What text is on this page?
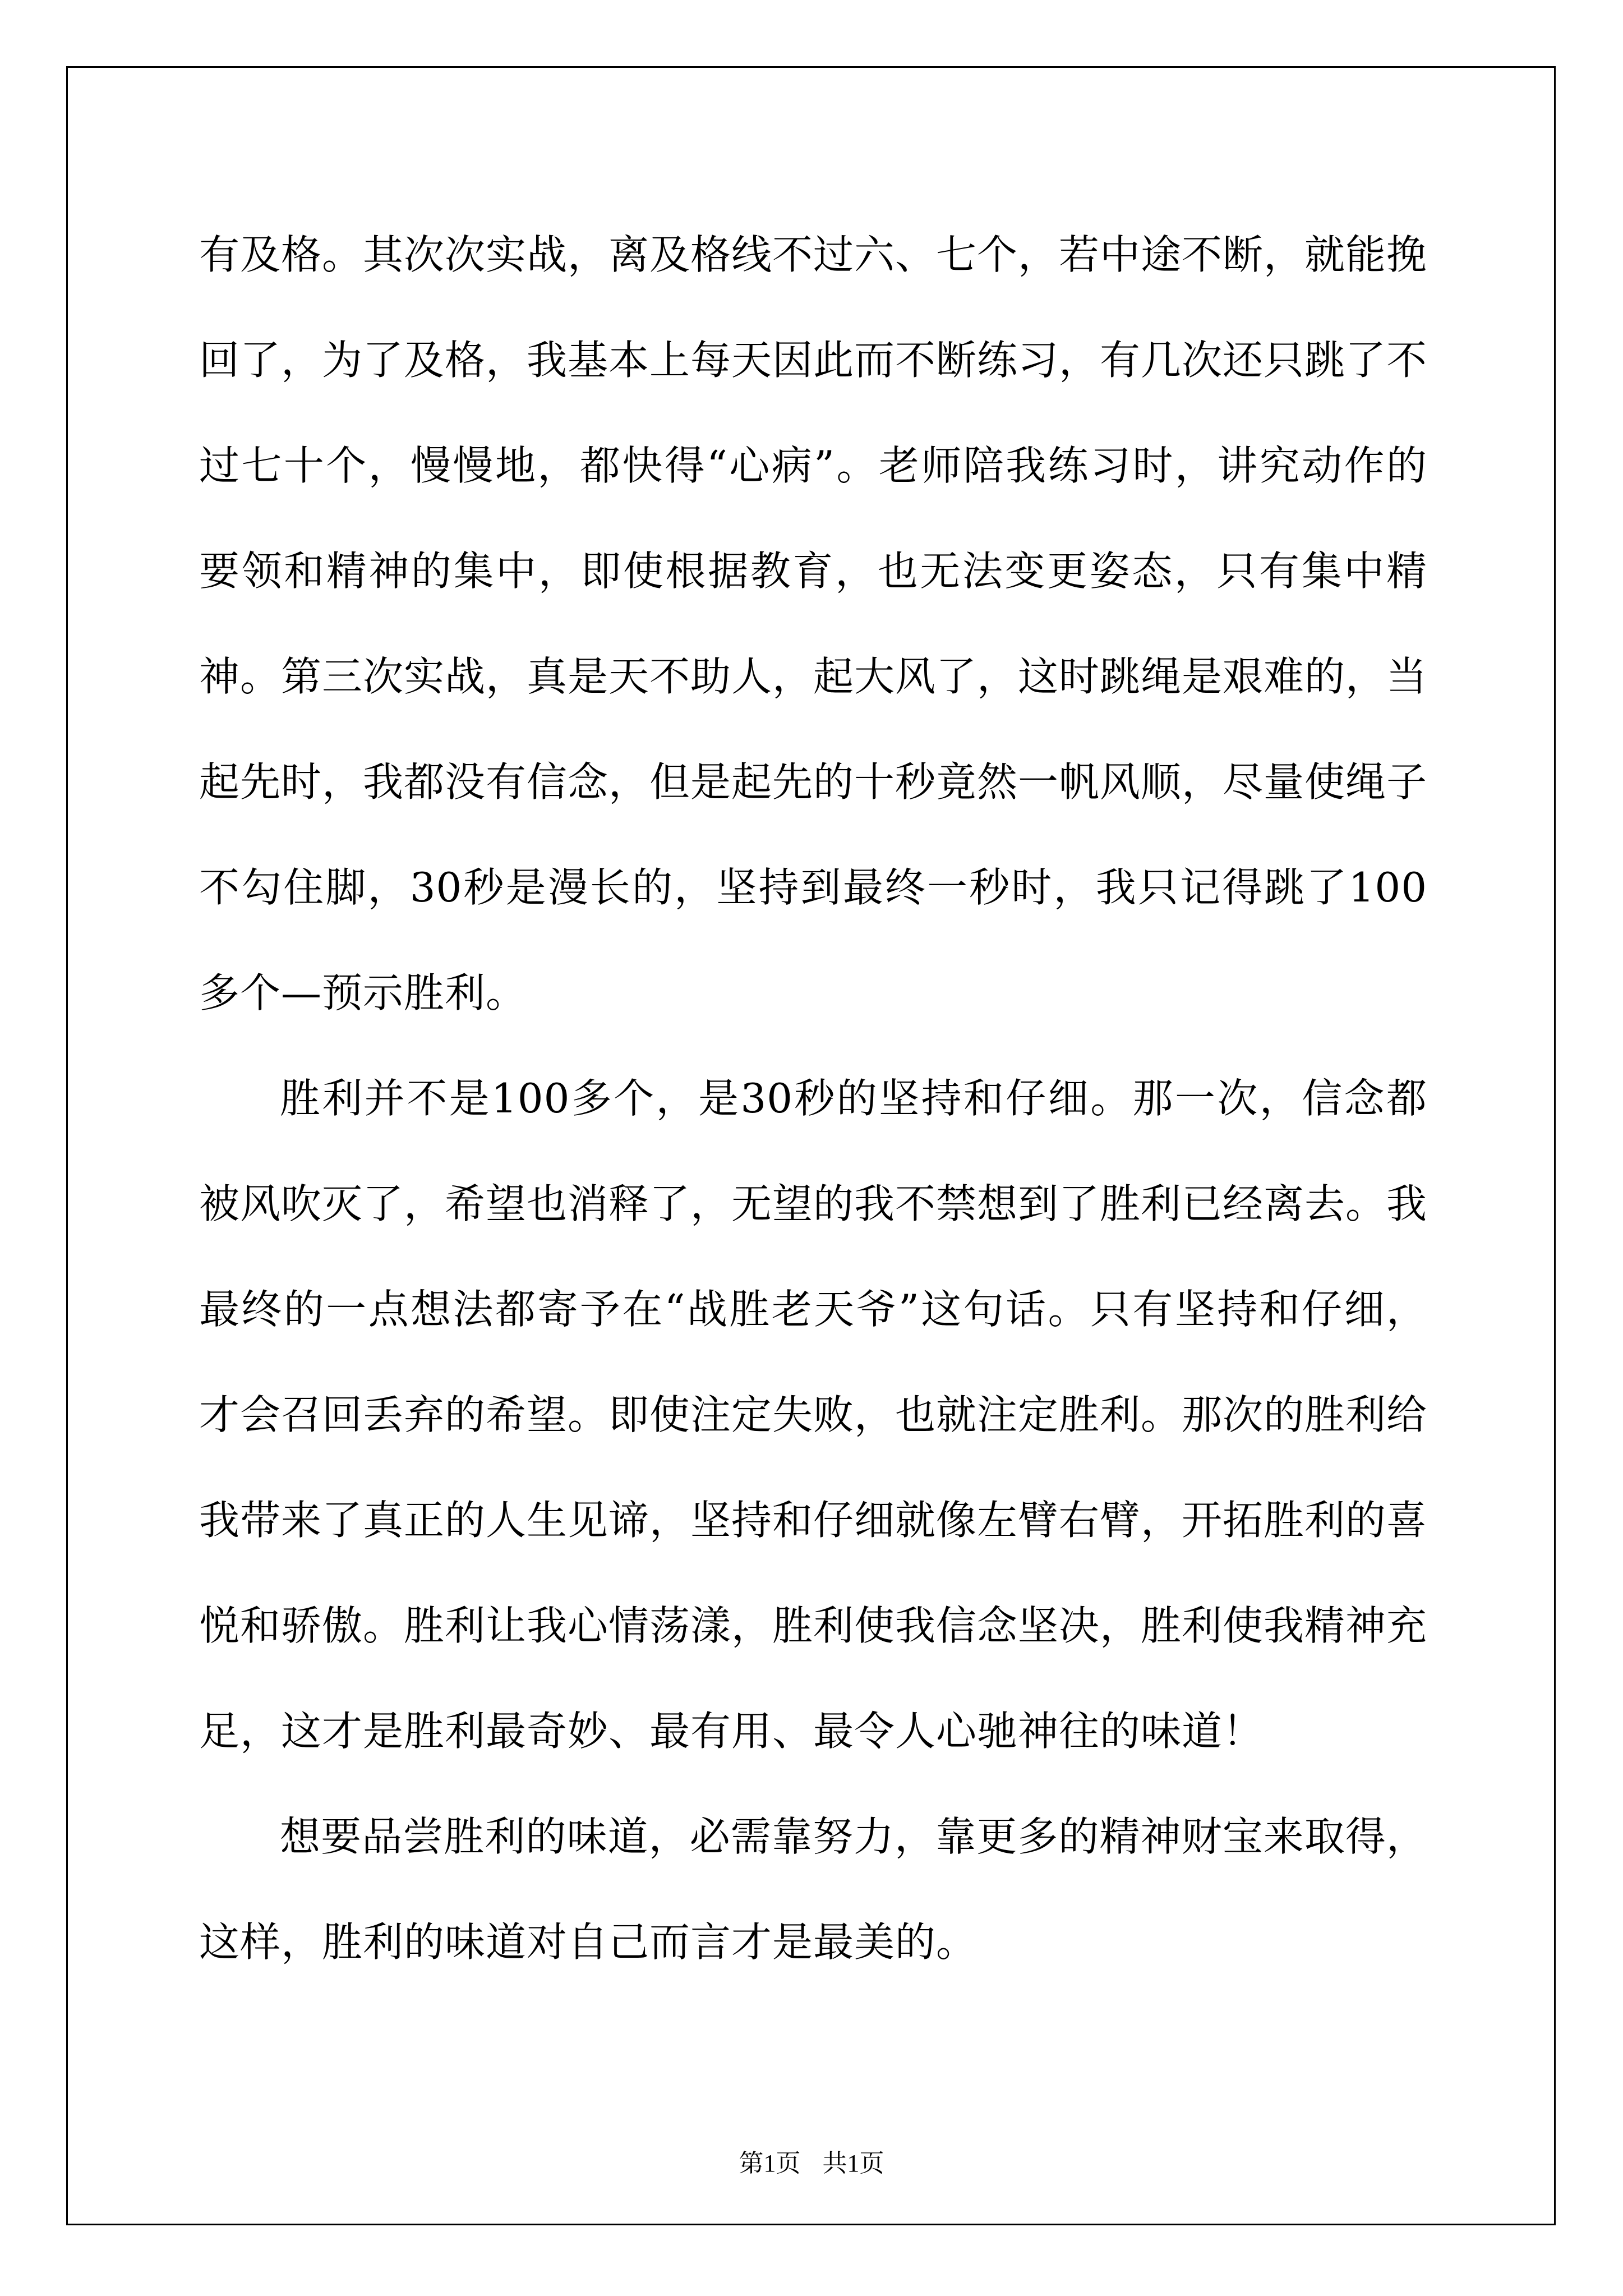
有及格。其次次实战，离及格线不过六、七个，若中途不断，就能挽回了，为了及格，我基本上每天因此而不断练习，有几次还只跳了不过七十个，慢慢地，都快得“心病”。老师陪我练习时，讲究动作的要领和精神的集中，即使根据教育，也无法变更姿态，只有集中精神。第三次实战，真是天不助人，起大风了，这时跳绳是艰难的，当起先时，我都没有信念，但是起先的十秒竟然一帆风顺，尽量使绳子不勾住脚，30秒是漫长的，坚持到最终一秒时，我只记得跳了100多个—预示胜利。

胜利并不是100多个，是30秒的坚持和仔细。那一次，信念都被风吹灭了，希望也消释了，无望的我不禁想到了胜利已经离去。我最终的一点想法都寄予在“战胜老天爷”这句话。只有坚持和仔细，才会召回丢弃的希望。即使注定失败，也就注定胜利。那次的胜利给我带来了真正的人生见谛，坚持和仔细就像左臂右臂，开拓胜利的喜悦和骄傲。胜利让我心情荡漾，胜利使我信念坚决，胜利使我精神充足，这才是胜利最奇妙、最有用、最令人心驰神往的味道！

想要品尝胜利的味道，必需靠努力，靠更多的精神财宝来取得，这样，胜利的味道对自己而言才是最美的。

第1页 共1页
